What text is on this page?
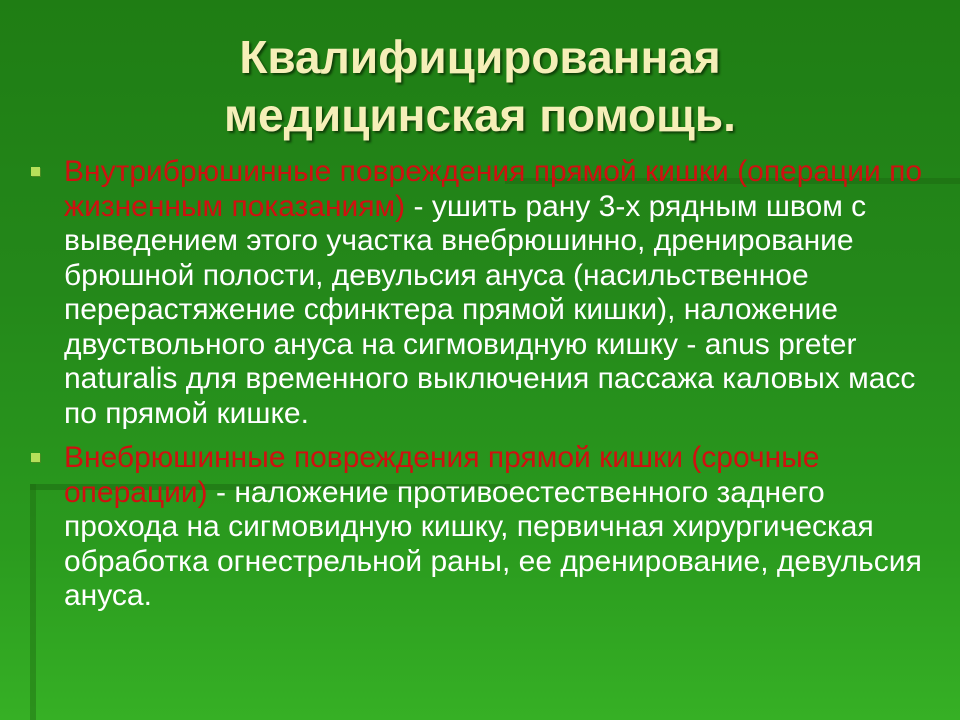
Квалифицированная
медицинская помощь.
Внутрибрюшинные повреждения прямой кишки (операции по жизненным показаниям) - ушить рану 3-х рядным швом с выведением этого участка внебрюшинно, дренирование брюшной полости, девульсия ануса (насильственное перерастяжение сфинктера прямой кишки), наложение двуствольного ануса на сигмовидную кишку - anus preter naturalis для временного выключения пассажа каловых масс по прямой кишке.
Внебрюшинные повреждения прямой кишки (срочные операции) - наложение противоестественного заднего прохода на сигмовидную кишку, первичная хирургическая обработка огнестрельной раны, ее дренирование, девульсия ануса.
